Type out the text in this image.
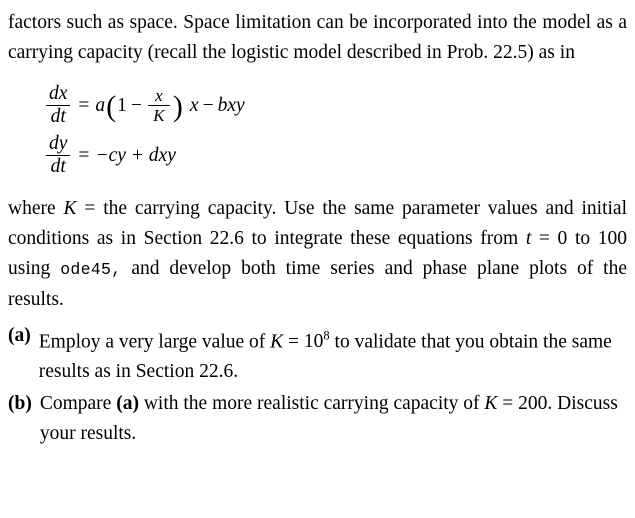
factors such as space. Space limitation can be incorporated into the model as a carrying capacity (recall the logistic model described in Prob. 22.5) as in

$\frac{dx}{dt} = a$ ( $1 - \frac{x}{K}$ ) x − bxy
$\frac{dy}{dt} = -cy$ + dxy

where K = the carrying capacity. Use the same parameter values and initial conditions as in Section 22.6 to integrate these equations from t = 0 to 100 using ode45, and develop both time series and phase plane plots of the results.

(a) Employ a very large value of $K = 10^8$ to validate that you obtain the same results as in Section 22.6.
(b) Compare (a) with the more realistic carrying capacity of K = 200. Discuss your results.
